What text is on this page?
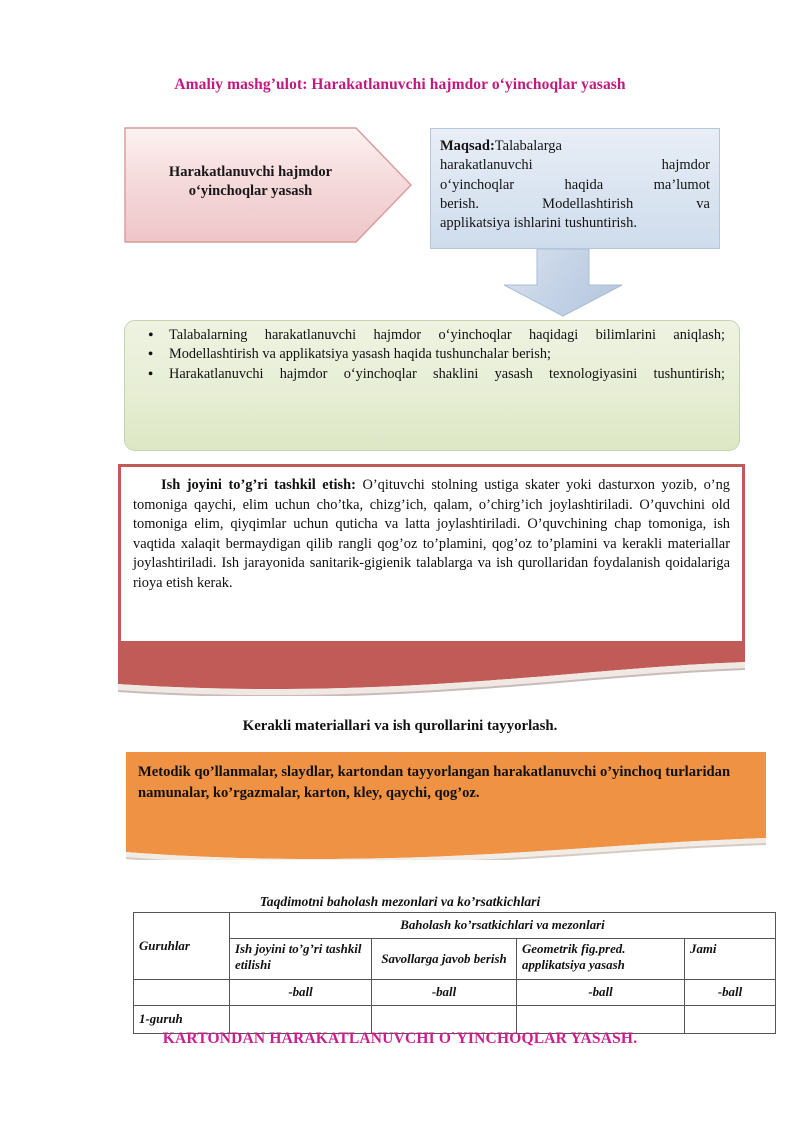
Amaliy mashg’ulot: Harakatlanuvchi hajmdor o‘yinchoqlar yasash
Harakatlanuvchi hajmdor o‘yinchoqlar yasash
Maqsad:Talabalarga
harakatlanuvchi hajmdor
o‘yinchoqlar haqida ma’lumot
berish. Modellashtirish va
applikatsiya ishlarini tushuntirish.
• Talabalarning harakatlanuvchi hajmdor o‘yinchoqlar haqidagi bilimlarini aniqlash;
• Modellashtirish va applikatsiya yasash haqida tushunchalar berish;
• Harakatlanuvchi hajmdor o‘yinchoqlar shaklini yasash texnologiyasini tushuntirish;
Ish joyini to’g’ri tashkil etish: O’qituvchi stolning ustiga skater yoki dasturxon yozib, o’ng tomoniga qaychi, elim uchun cho’tka, chizg’ich, qalam, o’chirg’ich joylashtiriladi. O’quvchini old tomoniga elim, qiyqimlar uchun quticha va latta joylashtiriladi. O’quvchining chap tomoniga, ish vaqtida xalaqit bermaydigan qilib rangli qog’oz to’plamini, qog’oz to’plamini va kerakli materiallar joylashtiriladi. Ish jarayonida sanitarik-gigienik talablarga va ish qurollaridan foydalanish qoidalariga rioya etish kerak.
Kerakli materiallari va ish qurollarini tayyorlash.
Metodik qo’llanmalar, slaydlar, kartondan tayyorlangan harakatlanuvchi o’yinchoq turlaridan namunalar, ko’rgazmalar, karton, kley, qaychi, qog’oz.
Taqdimotni baholash mezonlari va ko’rsatkichlari
Guruhlar	Baholash ko’rsatkichlari va mezonlari			
	Ish joyini to’g’ri tashkil etilishi	Savollarga javob berish	Geometrik fig.pred. applikatsiya yasash	Jami
	-ball	-ball	-ball	-ball
1-guruh				
KARTONDAN HARAKATLANUVCHI O`YINCHOQLAR YASASH.
